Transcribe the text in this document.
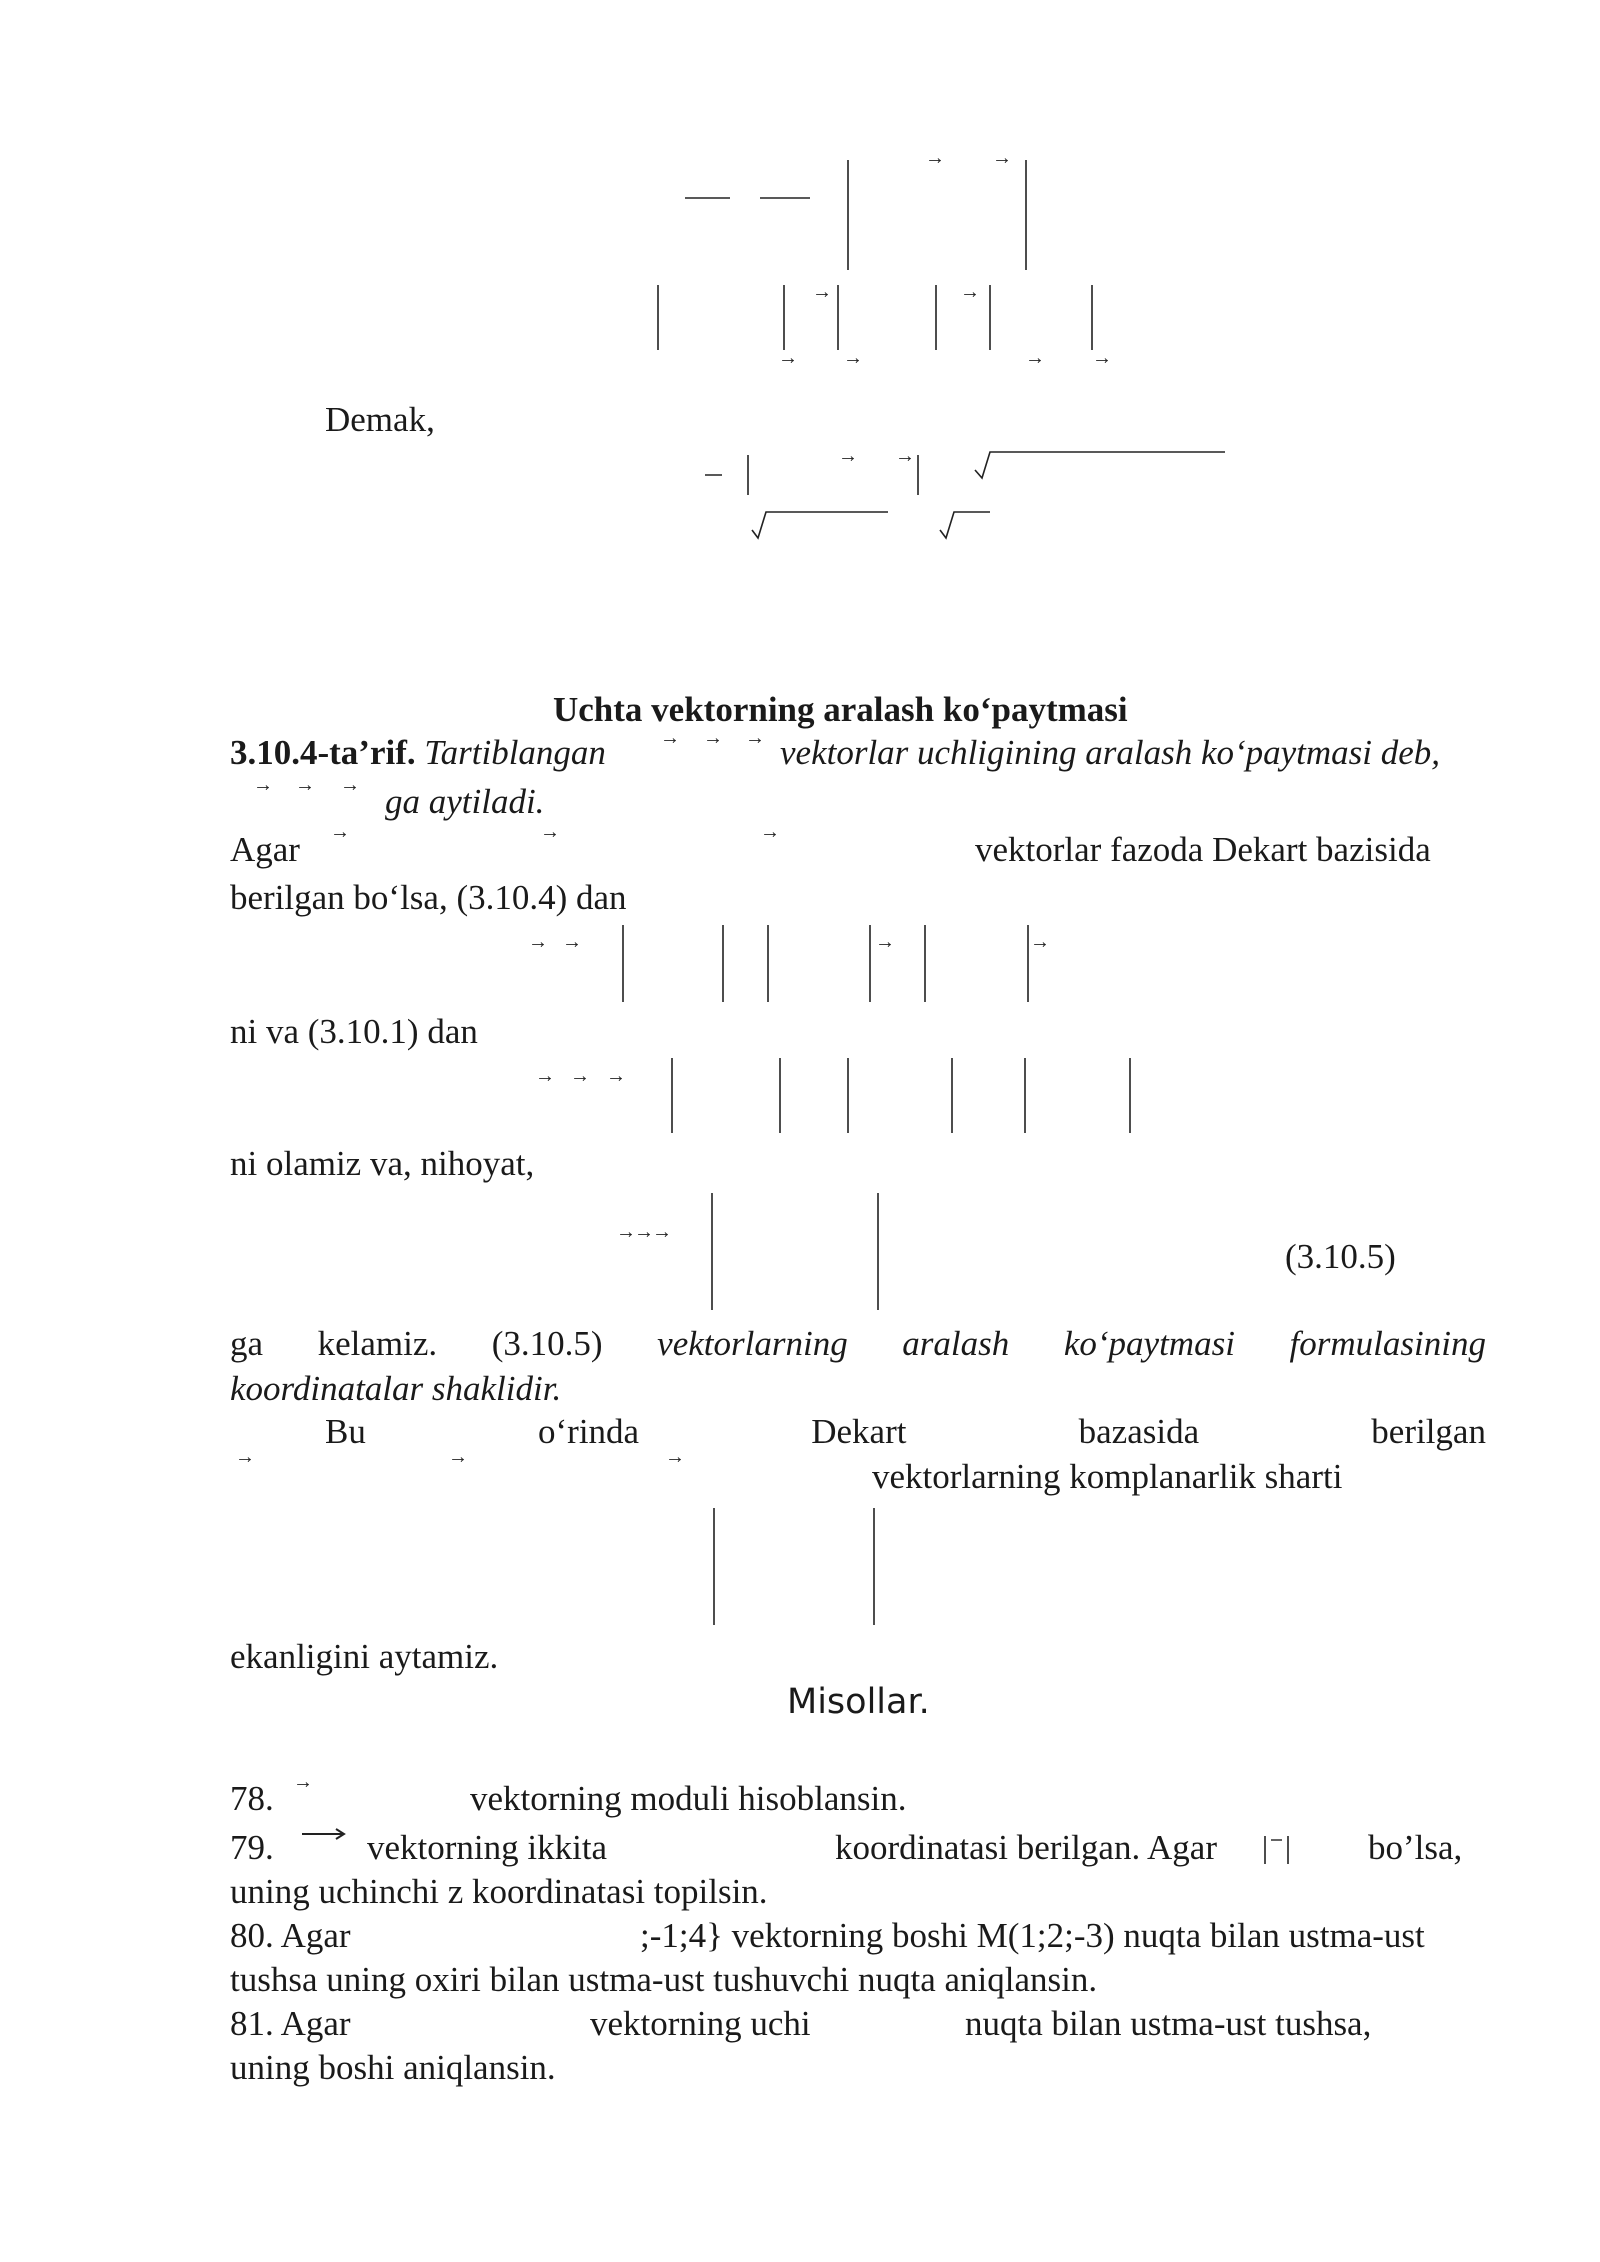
→ →
→	→
→ →	→ →
Demak,
→ →
Uchta vektorning aralash koʻpaytmasi
3.10.4-ta’rif. Tartiblangan	→ → → vektorlar uchligining aralash koʻpaytmasi deb,
→ → → ga aytiladi.
Agar →	→	→	vektorlar fazoda Dekart bazisida
berilgan boʻlsa, (3.10.4) dan
→ →	→	→
ni va (3.10.1) dan
→ → →
ni olamiz va, nihoyat,
→
→
→
(3.10.5)
ga kelamiz. (3.10.5) vektorlarning aralash koʻpaytmasi formulasining
koordinatalar shaklidir.
Bu	oʻrinda	Dekart	bazasida	berilgan
→	→	→	vektorlarning komplanarlik sharti
ekanligini aytamiz.
Misollar.
78. →	vektorning moduli hisoblansin.
79.	vektorning ikkita	koordinatasi berilgan. Agar	bo’lsa,
uning uchinchi z koordinatasi topilsin.
80. Agar	;-1;4} vektorning boshi M(1;2;-3) nuqta bilan ustma-ust
tushsa uning oxiri bilan ustma-ust tushuvchi nuqta aniqlansin.
81. Agar	vektorning uchi	nuqta bilan ustma-ust tushsa,
uning boshi aniqlansin.
